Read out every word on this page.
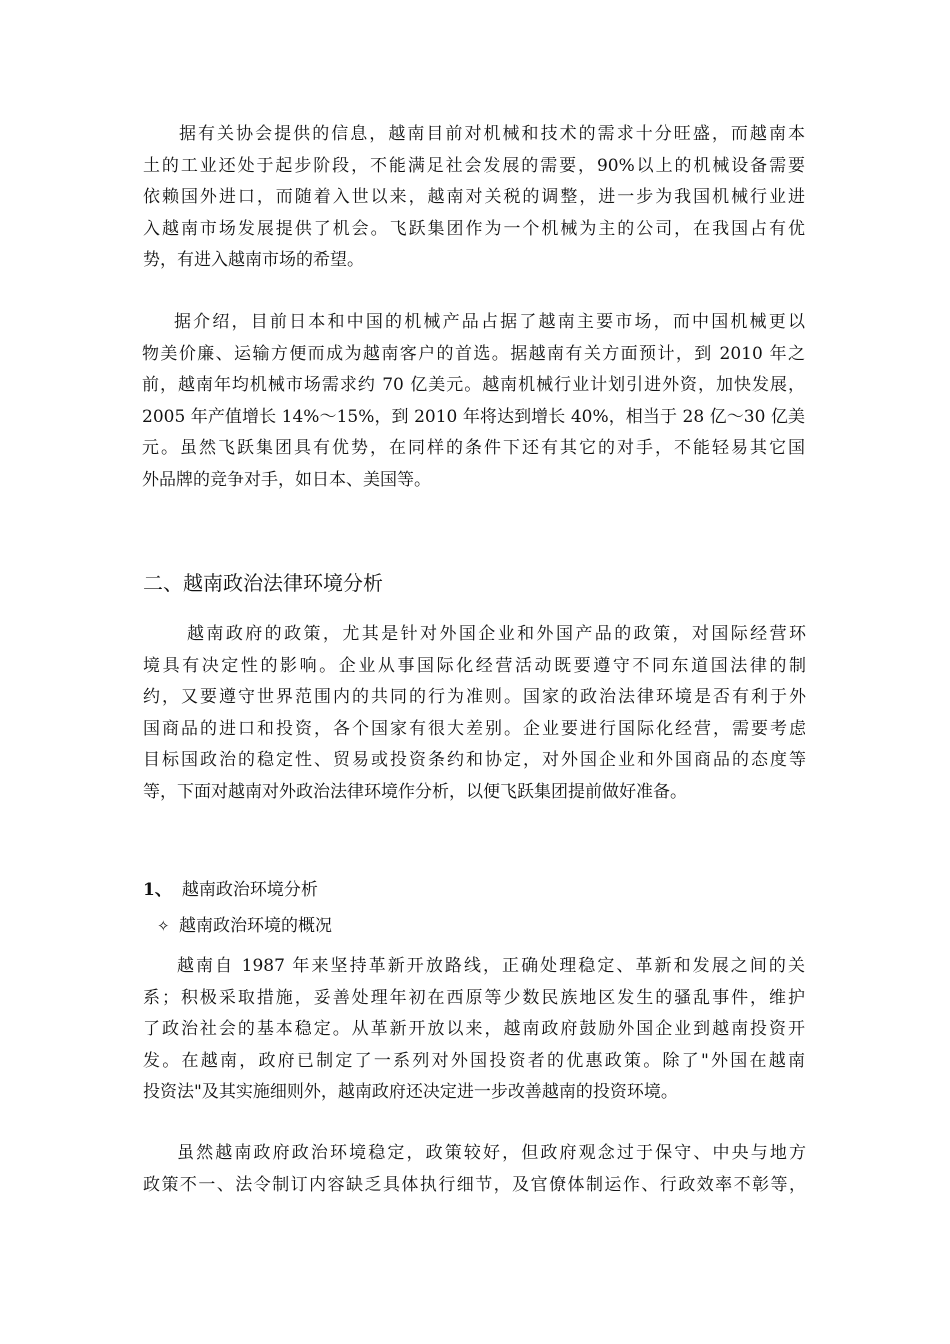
据有关协会提供的信息，越南目前对机械和技术的需求十分旺盛，而越南本
土的工业还处于起步阶段，不能满足社会发展的需要，90%以上的机械设备需要
依赖国外进口，而随着入世以来，越南对关税的调整，进一步为我国机械行业进
入越南市场发展提供了机会。飞跃集团作为一个机械为主的公司，在我国占有优
势，有进入越南市场的希望。
据介绍，目前日本和中国的机械产品占据了越南主要市场，而中国机械更以
物美价廉、运输方便而成为越南客户的首选。据越南有关方面预计，到 2010 年之
前，越南年均机械市场需求约 70 亿美元。越南机械行业计划引进外资，加快发展，
2005 年产值增长 14%～15%，到 2010 年将达到增长 40%，相当于 28 亿～30 亿美
元。虽然飞跃集团具有优势，在同样的条件下还有其它的对手，不能轻易其它国
外品牌的竞争对手，如日本、美国等。
二、越南政治法律环境分析
越南政府的政策，尤其是针对外国企业和外国产品的政策，对国际经营环
境具有决定性的影响。企业从事国际化经营活动既要遵守不同东道国法律的制
约，又要遵守世界范围内的共同的行为准则。国家的政治法律环境是否有利于外
国商品的进口和投资，各个国家有很大差别。企业要进行国际化经营，需要考虑
目标国政治的稳定性、贸易或投资条约和协定，对外国企业和外国商品的态度等
等，下面对越南对外政治法律环境作分析，以便飞跃集团提前做好准备。
1、 越南政治环境分析
✧ 越南政治环境的概况
越南自 1987 年来坚持革新开放路线，正确处理稳定、革新和发展之间的关
系；积极采取措施，妥善处理年初在西原等少数民族地区发生的骚乱事件，维护
了政治社会的基本稳定。从革新开放以来，越南政府鼓励外国企业到越南投资开
发。在越南，政府已制定了一系列对外国投资者的优惠政策。除了"外国在越南
投资法"及其实施细则外，越南政府还决定进一步改善越南的投资环境。
虽然越南政府政治环境稳定，政策较好，但政府观念过于保守、中央与地方
政策不一、法令制订内容缺乏具体执行细节，及官僚体制运作、行政效率不彰等，
